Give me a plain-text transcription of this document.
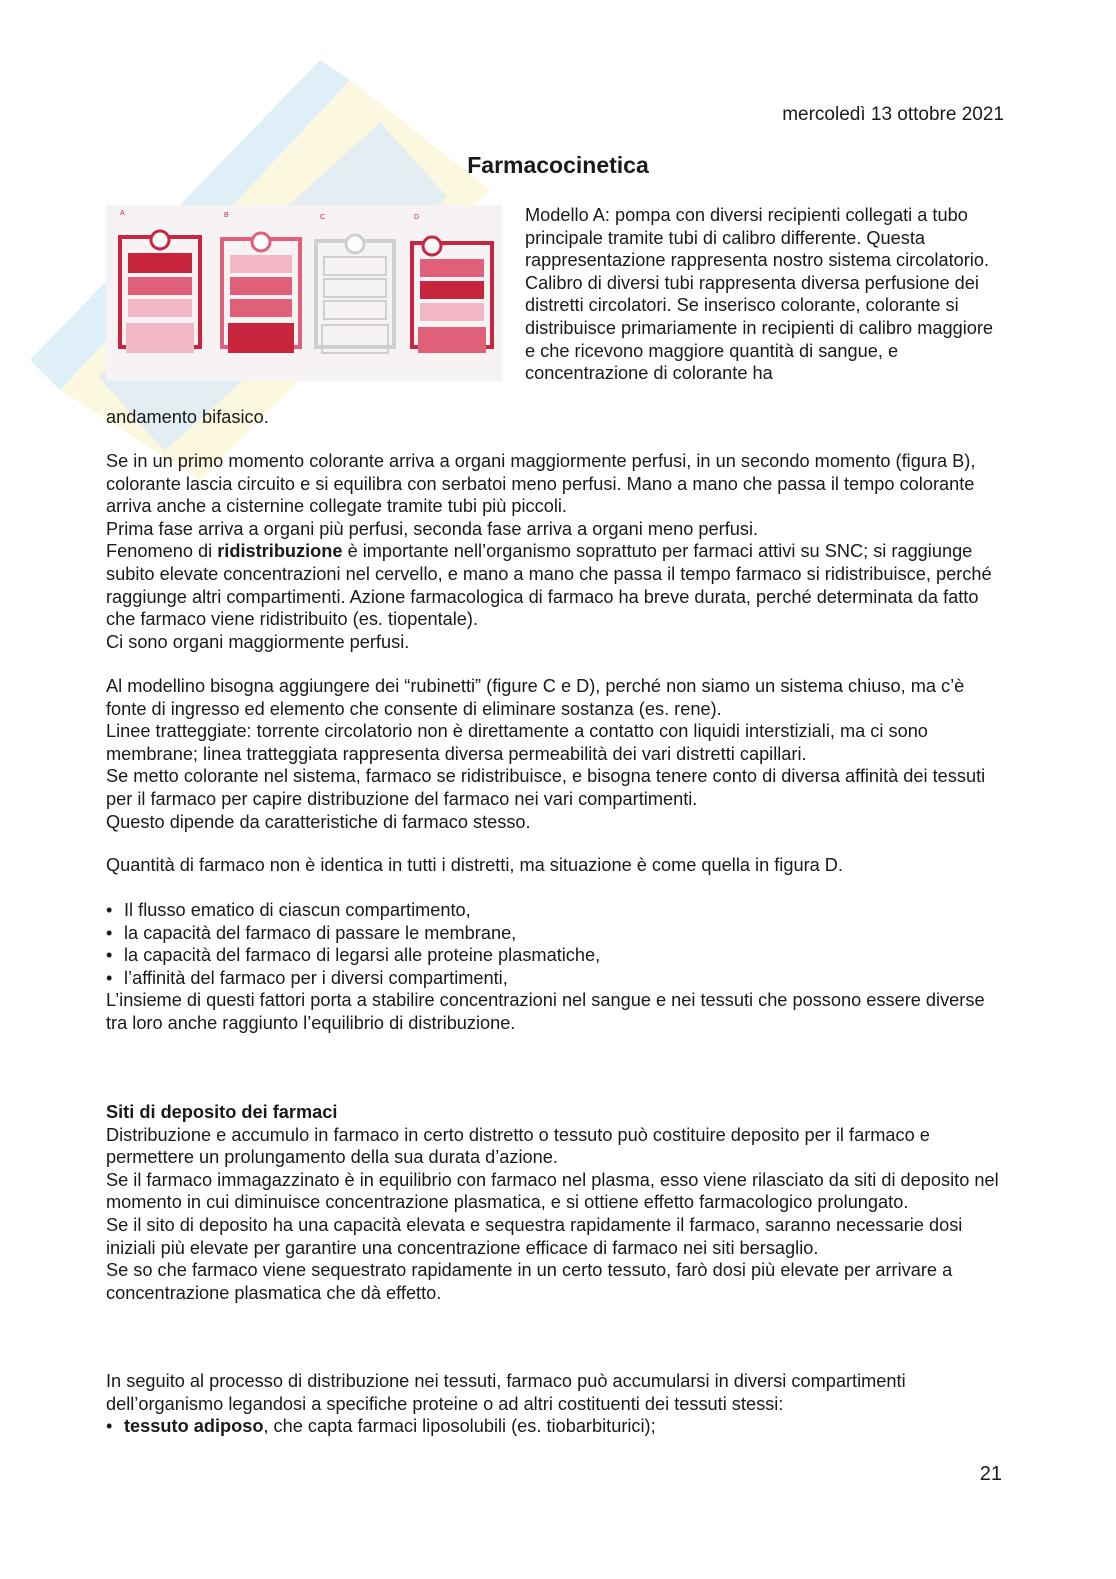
mercoledì 13 ottobre 2021
Farmacocinetica
A	B	C	D	Modello A: pompa con diversi recipienti collegati a tubo principale tramite tubi di calibro differente. Questa rappresentazione rappresenta nostro sistema circolatorio. Calibro di diversi tubi rappresenta diversa perfusione dei distretti circolatori. Se inserisco colorante, colorante si distribuisce primariamente in recipienti di calibro maggiore e che ricevono maggiore quantità di sangue, e concentrazione di colorante ha

andamento bifasico.

Se in un primo momento colorante arriva a organi maggiormente perfusi, in un secondo momento (figura B), colorante lascia circuito e si equilibra con serbatoi meno perfusi. Mano a mano che passa il tempo colorante arriva anche a cisternine collegate tramite tubi più piccoli.
Prima fase arriva a organi più perfusi, seconda fase arriva a organi meno perfusi.
Fenomeno di ridistribuzione è importante nell’organismo soprattuto per farmaci attivi su SNC; si raggiunge subito elevate concentrazioni nel cervello, e mano a mano che passa il tempo farmaco si ridistribuisce, perché raggiunge altri compartimenti. Azione farmacologica di farmaco ha breve durata, perché determinata da fatto che farmaco viene ridistribuito (es. tiopentale).
Ci sono organi maggiormente perfusi.
Al modellino bisogna aggiungere dei “rubinetti” (figure C e D), perché non siamo un sistema chiuso, ma c’è fonte di ingresso ed elemento che consente di eliminare sostanza (es. rene).
Linee tratteggiate: torrente circolatorio non è direttamente a contatto con liquidi interstiziali, ma ci sono membrane; linea tratteggiata rappresenta diversa permeabilità dei vari distretti capillari.
Se metto colorante nel sistema, farmaco se ridistribuisce, e bisogna tenere conto di diversa affinità dei tessuti per il farmaco per capire distribuzione del farmaco nei vari compartimenti.
Questo dipende da caratteristiche di farmaco stesso.

Quantità di farmaco non è identica in tutti i distretti, ma situazione è come quella in figura D.

• Il flusso ematico di ciascun compartimento,
• la capacità del farmaco di passare le membrane,
• la capacità del farmaco di legarsi alle proteine plasmatiche,
• l’affinità del farmaco per i diversi compartimenti,
L’insieme di questi fattori porta a stabilire concentrazioni nel sangue e nei tessuti che possono essere diverse tra loro anche raggiunto l’equilibrio di distribuzione.
Siti di deposito dei farmaci
Distribuzione e accumulo in farmaco in certo distretto o tessuto può costituire deposito per il farmaco e permettere un prolungamento della sua durata d’azione.
Se il farmaco immagazzinato è in equilibrio con farmaco nel plasma, esso viene rilasciato da siti di deposito nel momento in cui diminuisce concentrazione plasmatica, e si ottiene effetto farmacologico prolungato.
Se il sito di deposito ha una capacità elevata e sequestra rapidamente il farmaco, saranno necessarie dosi iniziali più elevate per garantire una concentrazione efficace di farmaco nei siti bersaglio.
Se so che farmaco viene sequestrato rapidamente in un certo tessuto, farò dosi più elevate per arrivare a concentrazione plasmatica che dà effetto.
In seguito al processo di distribuzione nei tessuti, farmaco può accumularsi in diversi compartimenti dell’organismo legandosi a specifiche proteine o ad altri costituenti dei tessuti stessi:
• tessuto adiposo, che capta farmaci liposolubili (es. tiobarbiturici);
21
